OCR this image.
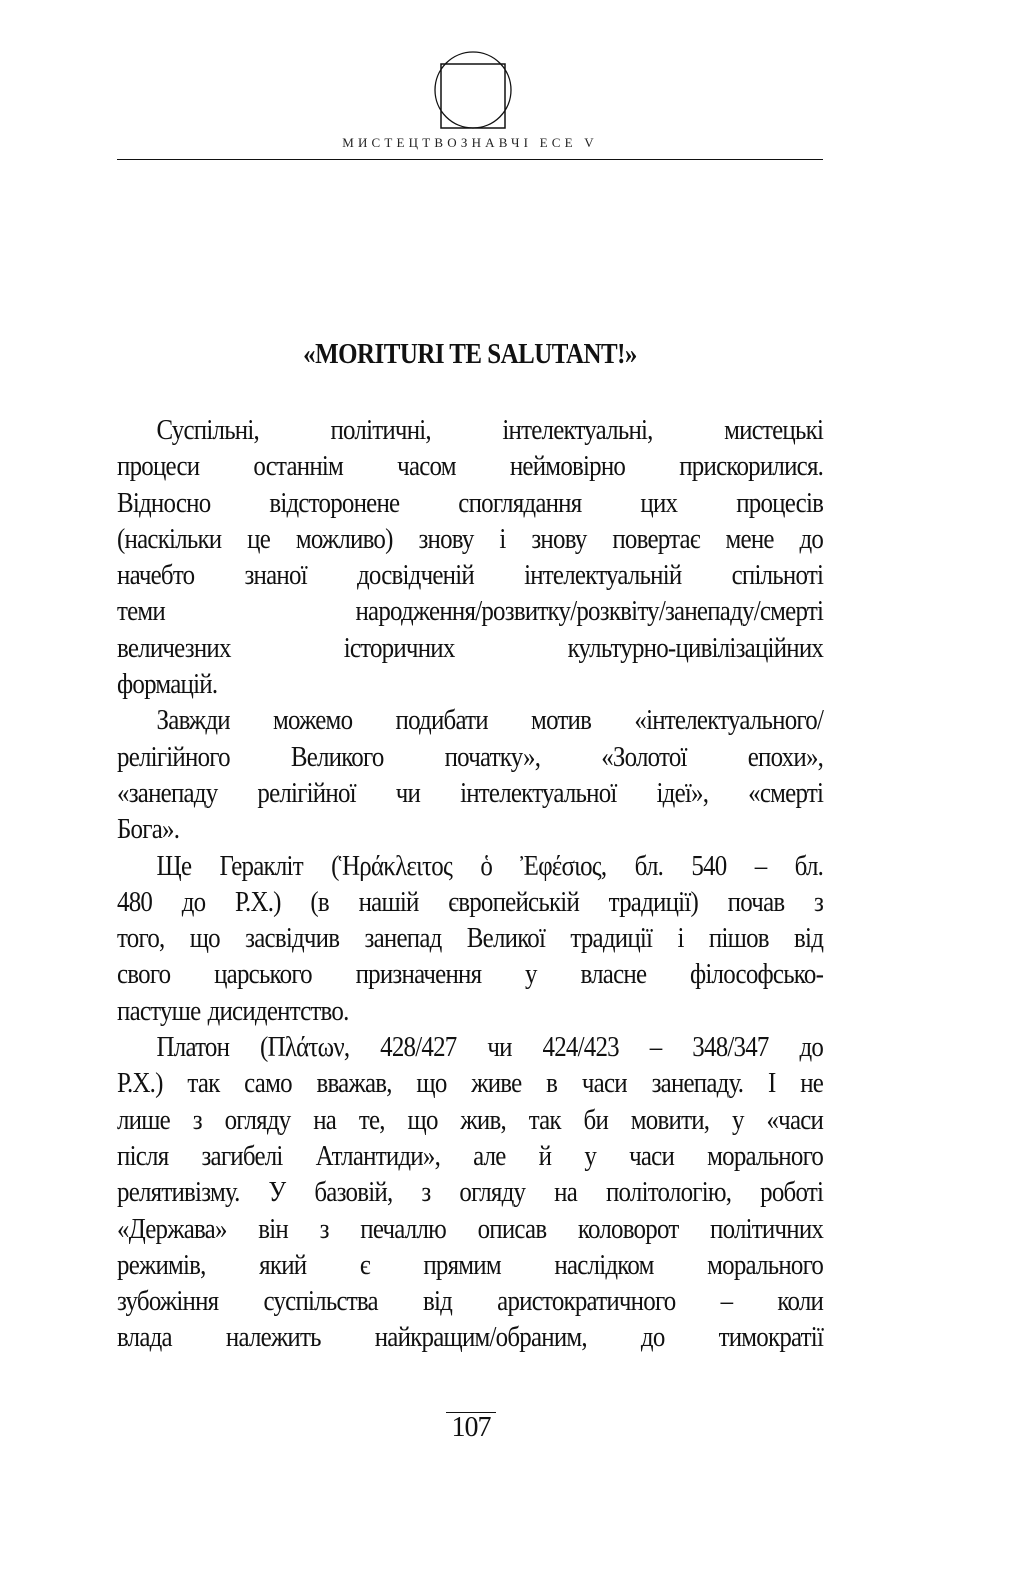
МИСТЕЦТВОЗНАВЧІ ЕСЕ V
«MORITURI TE SALUTANT!»

Суспільні, політичні, інтелектуальні, мистецькі
процеси останнім часом неймовірно прискорилися.
Відносно відсторонене споглядання цих процесів
(наскільки це можливо) знову і знову повертає мене до
начебто знаної досвідченій інтелектуальній спільноті
теми народження/розвитку/розквіту/занепаду/смерті
величезних історичних культурно-цивілізаційних
формацій.

Завжди можемо подибати мотив «інтелектуального/
релігійного Великого початку», «Золотої епохи»,
«занепаду релігійної чи інтелектуальної ідеї», «смерті
Бога».

Ще Геракліт (Ἡράκλειτος ὁ Ἐφέσιος, бл. 540 – бл.
480 до Р.Х.) (в нашій європейській традиції) почав з
того, що засвідчив занепад Великої традиції і пішов від
свого царського призначення у власне філософсько-
пастуше дисидентство.

Платон (Πλάτων, 428/427 чи 424/423 – 348/347 до
Р.Х.) так само вважав, що живе в часи занепаду. І не
лише з огляду на те, що жив, так би мовити, у «часи
після загибелі Атлантиди», але й у часи морального
релятивізму. У базовій, з огляду на політологію, роботі
«Держава» він з печаллю описав коловорот політичних
режимів, який є прямим наслідком морального
зубожіння суспільства від аристократичного – коли
влада належить найкращим/обраним, до тимократії

107
